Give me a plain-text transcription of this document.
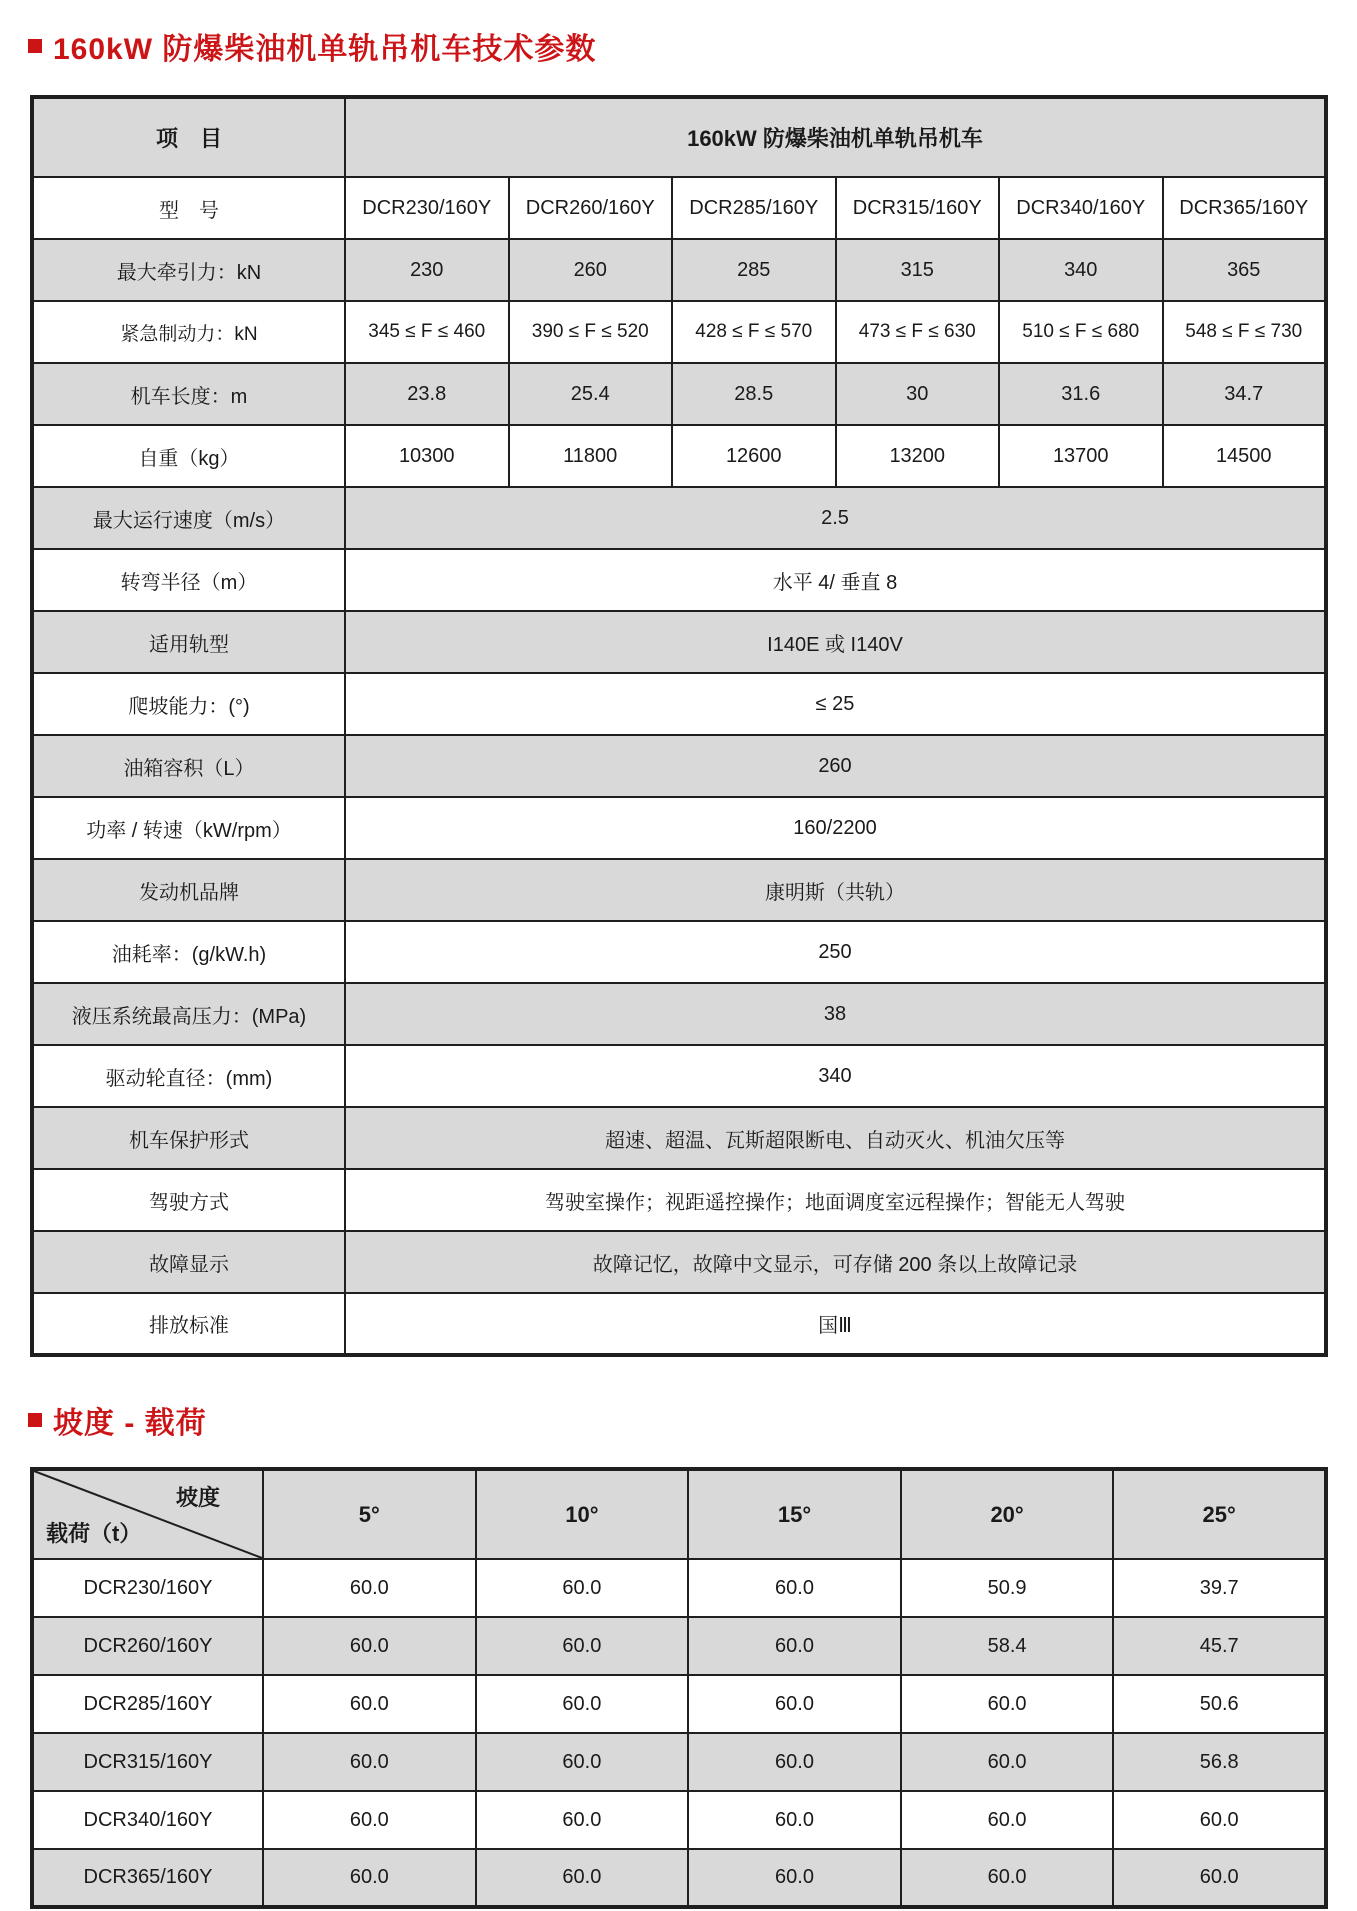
160kW 防爆柴油机单轨吊机车技术参数
项　目	160kW 防爆柴油机单轨吊机车					
型　号	DCR230/160Y	DCR260/160Y	DCR285/160Y	DCR315/160Y	DCR340/160Y	DCR365/160Y
最大牵引力：kN	230	260	285	315	340	365
紧急制动力：kN	345 ≤ F ≤ 460	390 ≤ F ≤ 520	428 ≤ F ≤ 570	473 ≤ F ≤ 630	510 ≤ F ≤ 680	548 ≤ F ≤ 730
机车长度：m	23.8	25.4	28.5	30	31.6	34.7
自重（kg）	10300	11800	12600	13200	13700	14500
最大运行速度（m/s）	2.5					
转弯半径（m）	水平 4/ 垂直 8					
适用轨型	I140E 或 I140V					
爬坡能力：(°)	≤ 25					
油箱容积（L）	260					
功率 / 转速（kW/rpm）	160/2200					
发动机品牌	康明斯（共轨）					
油耗率：(g/kW.h)	250					
液压系统最高压力：(MPa)	38					
驱动轮直径：(mm)	340					
机车保护形式	超速、超温、瓦斯超限断电、自动灭火、机油欠压等					
驾驶方式	驾驶室操作；视距遥控操作；地面调度室远程操作；智能无人驾驶					
故障显示	故障记忆，故障中文显示，可存储 200 条以上故障记录					
排放标准	国Ⅲ					
坡度 - 载荷
坡度
载荷（t）	5°	10°	15°	20°	25°
DCR230/160Y	60.0	60.0	60.0	50.9	39.7
DCR260/160Y	60.0	60.0	60.0	58.4	45.7
DCR285/160Y	60.0	60.0	60.0	60.0	50.6
DCR315/160Y	60.0	60.0	60.0	60.0	56.8
DCR340/160Y	60.0	60.0	60.0	60.0	60.0
DCR365/160Y	60.0	60.0	60.0	60.0	60.0
